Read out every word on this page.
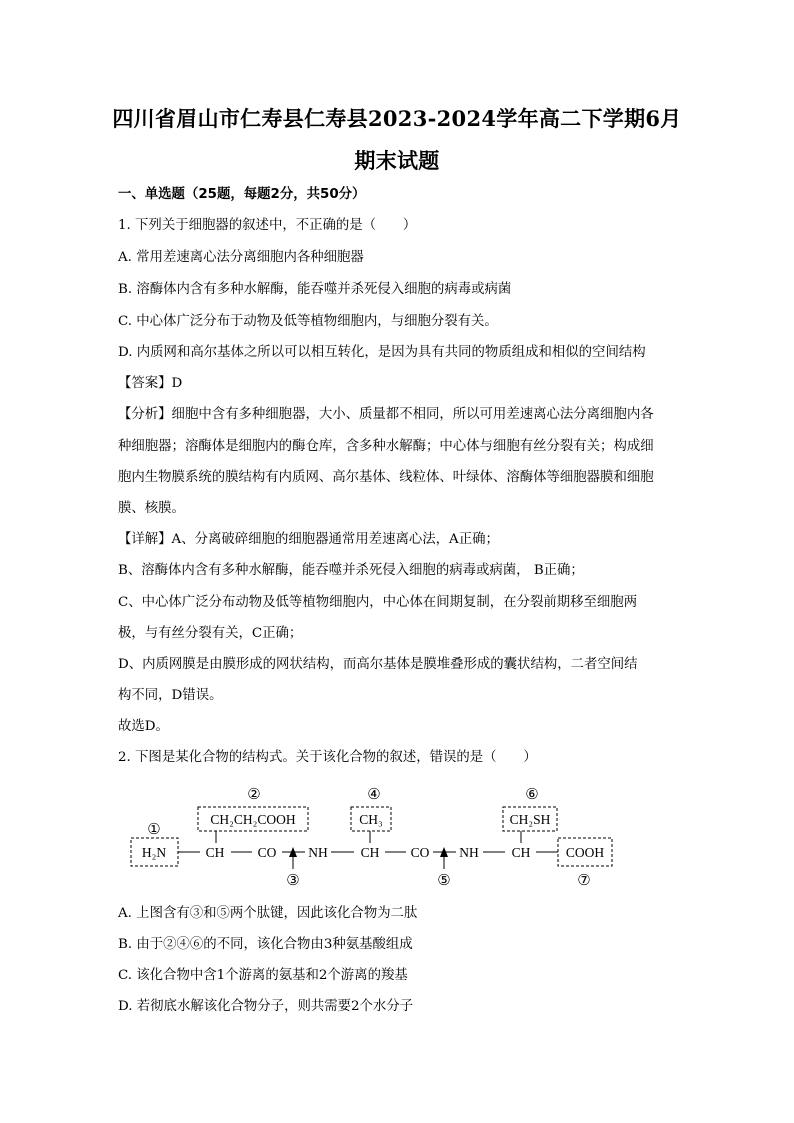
四川省眉山市仁寿县仁寿县2023-2024学年高二下学期6月
期末试题
一、单选题（25题，每题2分，共50分）
1. 下列关于细胞器的叙述中，不正确的是（　　）
A. 常用差速离心法分离细胞内各种细胞器
B. 溶酶体内含有多种水解酶，能吞噬并杀死侵入细胞的病毒或病菌
C. 中心体广泛分布于动物及低等植物细胞内，与细胞分裂有关。
D. 内质网和高尔基体之所以可以相互转化，是因为具有共同的物质组成和相似的空间结构
【答案】D
【分析】细胞中含有多种细胞器，大小、质量都不相同，所以可用差速离心法分离细胞内各
种细胞器；溶酶体是细胞内的酶仓库，含多种水解酶；中心体与细胞有丝分裂有关；构成细
胞内生物膜系统的膜结构有内质网、高尔基体、线粒体、叶绿体、溶酶体等细胞器膜和细胞
膜、核膜。
【详解】A、分离破碎细胞的细胞器通常用差速离心法，A正确；
B、溶酶体内含有多种水解酶，能吞噬并杀死侵入细胞的病毒或病菌， B正确；
C、中心体广泛分布动物及低等植物细胞内，中心体在间期复制，在分裂前期移至细胞两
极，与有丝分裂有关，C正确；
D、内质网膜是由膜形成的网状结构，而高尔基体是膜堆叠形成的囊状结构，二者空间结
构不同，D错误。
故选D。
2. 下图是某化合物的结构式。关于该化合物的叙述，错误的是（　　）
H₂N	CH CO NH CH CO NH CH	COOH
CH₂CH₂COOH	CH₃	CH₂SH
①
②
③
④
⑤
⑥
⑦
A. 上图含有③和⑤两个肽键，因此该化合物为二肽
B. 由于②④⑥的不同，该化合物由3种氨基酸组成
C. 该化合物中含1个游离的氨基和2个游离的羧基
D. 若彻底水解该化合物分子，则共需要2个水分子
